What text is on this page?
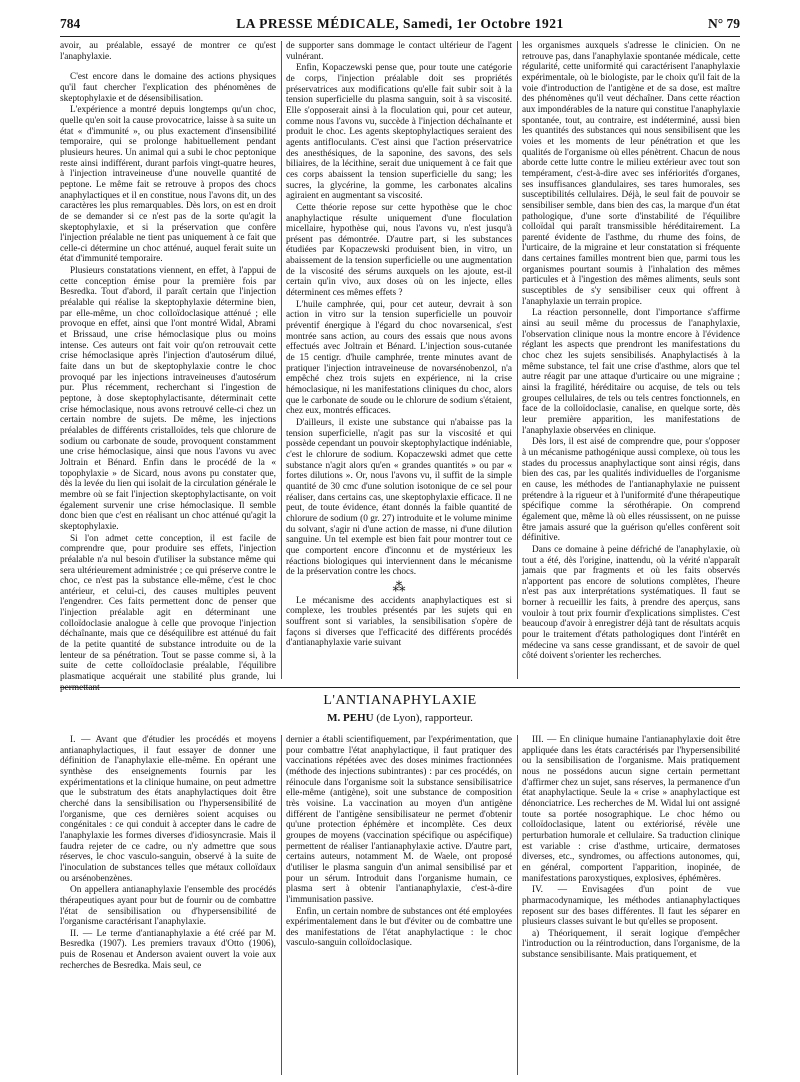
784	LA PRESSE MÉDICALE, Samedi, 1er Octobre 1921	N° 79

avoir, au préalable, essayé de montrer ce qu'est l'anaphylaxie.

C'est encore dans le domaine des actions physiques qu'il faut chercher l'explication des phénomènes de skeptophylaxie et de désensibilisation.

L'expérience a montré depuis longtemps qu'un choc, quelle qu'en soit la cause provocatrice, laisse à sa suite un état « d'immunité », ou plus exactement d'insensibilité temporaire, qui se prolonge habituellement pendant plusieurs heures. Un animal qui a subi le choc peptonique reste ainsi indifférent, durant parfois vingt-quatre heures, à l'injection intraveineuse d'une nouvelle quantité de peptone. Le même fait se retrouve à propos des chocs anaphylactiques et il en constitue, nous l'avons dit, un des caractères les plus remarquables. Dès lors, on est en droit de se demander si ce n'est pas de la sorte qu'agit la skeptophylaxie, et si la préservation que confère l'injection préalable ne tient pas uniquement à ce fait que celle-ci détermine un choc atténué, auquel ferait suite un état d'immunité temporaire.

Plusieurs constatations viennent, en effet, à l'appui de cette conception émise pour la première fois par Besredka. Tout d'abord, il paraît certain que l'injection préalable qui réalise la skeptophylaxie détermine bien, par elle-même, un choc colloïdoclasique atténué ; elle provoque en effet, ainsi que l'ont montré Widal, Abrami et Brissaud, une crise hémoclasique plus ou moins intense. Ces auteurs ont fait voir qu'on retrouvait cette crise hémoclasique après l'injection d'autosérum dilué, faite dans un but de skeptophylaxie contre le choc provoqué par les injections intraveineuses d'autosérum pur. Plus récemment, recherchant si l'ingestion de peptone, à dose skeptophylactisante, déterminait cette crise hémoclasique, nous avons retrouvé celle-ci chez un certain nombre de sujets. De même, les injections préalables de différents cristalloïdes, tels que chlorure de sodium ou carbonate de soude, provoquent constamment une crise hémoclasique, ainsi que nous l'avons vu avec Joltrain et Bénard. Enfin dans le procédé de la « topophylaxie » de Sicard, nous avons pu constater que, dès la levée du lien qui isolait de la circulation générale le membre où se fait l'injection skeptophylactisante, on voit également survenir une crise hémoclasique. Il semble donc bien que c'est en réalisant un choc atténué qu'agit la skeptophylaxie.

Si l'on admet cette conception, il est facile de comprendre que, pour produire ses effets, l'injection préalable n'a nul besoin d'utiliser la substance même qui sera ultérieurement administrée ; ce qui préserve contre le choc, ce n'est pas la substance elle-même, c'est le choc antérieur, et celui-ci, des causes multiples peuvent l'engendrer. Ces faits permettent donc de penser que l'injection préalable agit en déterminant une colloïdoclasie analogue à celle que provoque l'injection déchaînante, mais que ce déséquilibre est atténué du fait de la petite quantité de substance introduite ou de la lenteur de sa pénétration. Tout se passe comme si, à la suite de cette colloïdoclasie préalable, l'équilibre plasmatique acquérait une stabilité plus grande, lui permettant

de supporter sans dommage le contact ultérieur de l'agent vulnérant.

Enfin, Kopaczewski pense que, pour toute une catégorie de corps, l'injection préalable doit ses propriétés préservatrices aux modifications qu'elle fait subir soit à la tension superficielle du plasma sanguin, soit à sa viscosité. Elle s'opposerait ainsi à la floculation qui, pour cet auteur, comme nous l'avons vu, succède à l'injection déchaînante et produit le choc. Les agents skeptophylactiques seraient des agents antifloculants. C'est ainsi que l'action préservatrice des anesthésiques, de la saponine, des savons, des sels biliaires, de la lécithine, serait due uniquement à ce fait que ces corps abaissent la tension superficielle du sang; les sucres, la glycérine, la gomme, les carbonates alcalins agiraient en augmentant sa viscosité.

Cette théorie repose sur cette hypothèse que le choc anaphylactique résulte uniquement d'une floculation micellaire, hypothèse qui, nous l'avons vu, n'est jusqu'à présent pas démontrée. D'autre part, si les substances étudiées par Kopaczewski produisent bien, in vitro, un abaissement de la tension superficielle ou une augmentation de la viscosité des sérums auxquels on les ajoute, est-il certain qu'in vivo, aux doses où on les injecte, elles déterminent ces mêmes effets ?

L'huile camphrée, qui, pour cet auteur, devrait à son action in vitro sur la tension superficielle un pouvoir préventif énergique à l'égard du choc novarsenical, s'est montrée sans action, au cours des essais que nous avons effectués avec Joltrain et Bénard. L'injection sous-cutanée de 15 centigr. d'huile camphrée, trente minutes avant de pratiquer l'injection intraveineuse de novarsénobenzol, n'a empêché chez trois sujets en expérience, ni la crise hémoclasique, ni les manifestations cliniques du choc, alors que le carbonate de soude ou le chlorure de sodium s'étaient, chez eux, montrés efficaces.

D'ailleurs, il existe une substance qui n'abaisse pas la tension superficielle, n'agit pas sur la viscosité et qui possède cependant un pouvoir skeptophylactique indéniable, c'est le chlorure de sodium. Kopaczewski admet que cette substance n'agit alors qu'en « grandes quantités » ou par « fortes dilutions ». Or, nous l'avons vu, il suffit de la simple quantité de 30 cmc d'une solution isotonique de ce sel pour réaliser, dans certains cas, une skeptophylaxie efficace. Il ne peut, de toute évidence, étant donnés la faible quantité de chlorure de sodium (0 gr. 27) introduite et le volume minime du solvant, s'agir ni d'une action de masse, ni d'une dilution sanguine. Un tel exemple est bien fait pour montrer tout ce que comportent encore d'inconnu et de mystérieux les réactions biologiques qui interviennent dans le mécanisme de la préservation contre les chocs.

⁂

Le mécanisme des accidents anaphylactiques est si complexe, les troubles présentés par les sujets qui en souffrent sont si variables, la sensibilisation s'opère de façons si diverses que l'efficacité des différents procédés d'antianaphylaxie varie suivant

les organismes auxquels s'adresse le clinicien. On ne retrouve pas, dans l'anaphylaxie spontanée médicale, cette régularité, cette uniformité qui caractérisent l'anaphylaxie expérimentale, où le biologiste, par le choix qu'il fait de la voie d'introduction de l'antigène et de sa dose, est maître des phénomènes qu'il veut déchaîner. Dans cette réaction aux impondérables de la nature qui constitue l'anaphylaxie spontanée, tout, au contraire, est indéterminé, aussi bien les quantités des substances qui nous sensibilisent que les voies et les moments de leur pénétration et que les qualités de l'organisme où elles pénètrent. Chacun de nous aborde cette lutte contre le milieu extérieur avec tout son tempérament, c'est-à-dire avec ses infériorités d'organes, ses insuffisances glandulaires, ses tares humorales, ses susceptibilités cellulaires. Déjà, le seul fait de pouvoir se sensibiliser semble, dans bien des cas, la marque d'un état pathologique, d'une sorte d'instabilité de l'équilibre colloïdal qui paraît transmissible héréditairement. La parenté évidente de l'asthme, du rhume des foins, de l'urticaire, de la migraine et leur constatation si fréquente dans certaines familles montrent bien que, parmi tous les organismes pourtant soumis à l'inhalation des mêmes particules et à l'ingestion des mêmes aliments, seuls sont susceptibles de s'y sensibiliser ceux qui offrent à l'anaphylaxie un terrain propice.

La réaction personnelle, dont l'importance s'affirme ainsi au seuil même du processus de l'anaphylaxie, l'observation clinique nous la montre encore à l'évidence réglant les aspects que prendront les manifestations du choc chez les sujets sensibilisés. Anaphylactisés à la même substance, tel fait une crise d'asthme, alors que tel autre réagit par une attaque d'urticaire ou une migraine ; ainsi la fragilité, héréditaire ou acquise, de tels ou tels groupes cellulaires, de tels ou tels centres fonctionnels, en face de la colloïdoclasie, canalise, en quelque sorte, dès leur première apparition, les manifestations de l'anaphylaxie observées en clinique.

Dès lors, il est aisé de comprendre que, pour s'opposer à un mécanisme pathogénique aussi complexe, où tous les stades du processus anaphylactique sont ainsi régis, dans bien des cas, par les qualités individuelles de l'organisme en cause, les méthodes de l'antianaphylaxie ne puissent prétendre à la rigueur et à l'uniformité d'une thérapeutique spécifique comme la sérothérapie. On comprend également que, même là où elles réussissent, on ne puisse être jamais assuré que la guérison qu'elles confèrent soit définitive.

Dans ce domaine à peine défriché de l'anaphylaxie, où tout a été, dès l'origine, inattendu, où la vérité n'apparaît jamais que par fragments et où les faits observés n'apportent pas encore de solutions complètes, l'heure n'est pas aux interprétations systématiques. Il faut se borner à recueillir les faits, à prendre des aperçus, sans vouloir à tout prix fournir d'explications simplistes. C'est beaucoup d'avoir à enregistrer déjà tant de résultats acquis pour le traitement d'états pathologiques dont l'intérêt en médecine va sans cesse grandissant, et de savoir de quel côté doivent s'orienter les recherches.

L'ANTIANAPHYLAXIE
M. PEHU (de Lyon), rapporteur.

I. — Avant que d'étudier les procédés et moyens antianaphylactiques, il faut essayer de donner une définition de l'anaphylaxie elle-même. En opérant une synthèse des enseignements fournis par les expérimentations et la clinique humaine, on peut admettre que le substratum des états anaphylactiques doit être cherché dans la sensibilisation ou l'hypersensibilité de l'organisme, que ces dernières soient acquises ou congénitales : ce qui conduit à accepter dans le cadre de l'anaphylaxie les formes diverses d'idiosyncrasie. Mais il faudra rejeter de ce cadre, ou n'y admettre que sous réserves, le choc vasculo-sanguin, observé à la suite de l'inoculation de substances telles que métaux colloïdaux ou arsénobenzènes.

On appellera antianaphylaxie l'ensemble des procédés thérapeutiques ayant pour but de fournir ou de combattre l'état de sensibilisation ou d'hypersensibilité de l'organisme caractérisant l'anaphylaxie.

II. — Le terme d'antianaphylaxie a été créé par M. Besredka (1907). Les premiers travaux d'Otto (1906), puis de Rosenau et Anderson avaient ouvert la voie aux recherches de Besredka. Mais seul, ce

dernier a établi scientifiquement, par l'expérimentation, que pour combattre l'état anaphylactique, il faut pratiquer des vaccinations répétées avec des doses minimes fractionnées (méthode des injections subintrantes) : par ces procédés, on réinocule dans l'organisme soit la substance sensibilisatrice elle-même (antigène), soit une substance de composition très voisine. La vaccination au moyen d'un antigène différent de l'antigène sensibilisateur ne permet d'obtenir qu'une protection éphémère et incomplète. Ces deux groupes de moyens (vaccination spécifique ou aspécifique) permettent de réaliser l'antianaphylaxie active. D'autre part, certains auteurs, notamment M. de Waele, ont proposé d'utiliser le plasma sanguin d'un animal sensibilisé par et pour un sérum. Introduit dans l'organisme humain, ce plasma sert à obtenir l'antianaphylaxie, c'est-à-dire l'immunisation passive.

Enfin, un certain nombre de substances ont été employées expérimentalement dans le but d'éviter ou de combattre une des manifestations de l'état anaphylactique : le choc vasculo-sanguin colloïdoclasique.

III. — En clinique humaine l'antianaphylaxie doit être appliquée dans les états caractérisés par l'hypersensibilité ou la sensibilisation de l'organisme. Mais pratiquement nous ne possédons aucun signe certain permettant d'affirmer chez un sujet, sans réserves, la permanence d'un état anaphylactique. Seule la « crise » anaphylactique est dénonciatrice. Les recherches de M. Widal lui ont assigné toute sa portée nosographique. Le choc hémo ou colloïdoclasique, latent ou extériorisé, révèle une perturbation humorale et cellulaire. Sa traduction clinique est variable : crise d'asthme, urticaire, dermatoses diverses, etc., syndromes, ou affections autonomes, qui, en général, comportent l'apparition, inopinée, de manifestations paroxystiques, explosives, éphémères.

IV. — Envisagées d'un point de vue pharmacodynamique, les méthodes antianaphylactiques reposent sur des bases différentes. Il faut les séparer en plusieurs classes suivant le but qu'elles se proposent.

a) Théoriquement, il serait logique d'empêcher l'introduction ou la réintroduction, dans l'organisme, de la substance sensibilisante. Mais pratiquement, et
